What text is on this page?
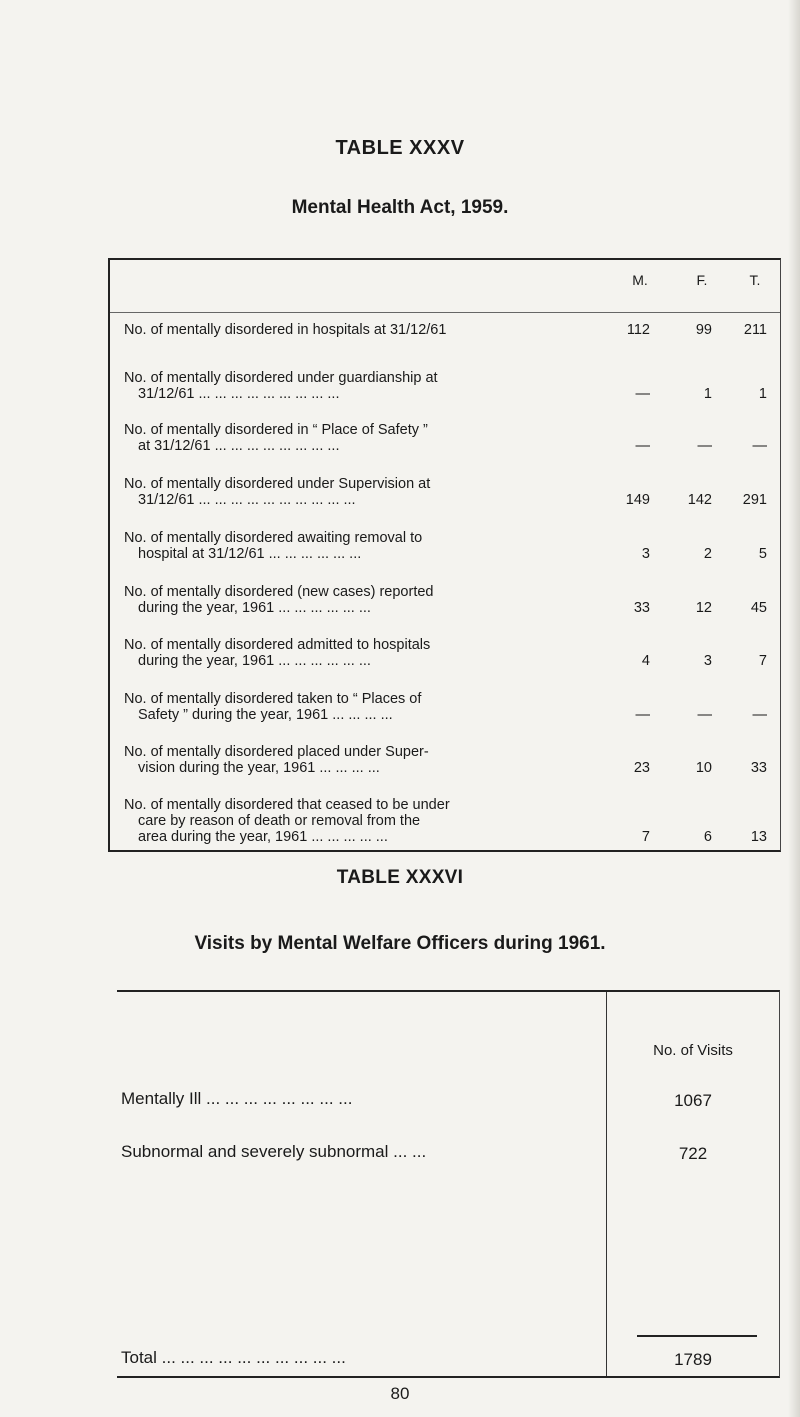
TABLE XXXV
Mental Health Act, 1959.
M.	F.	T.
No. of mentally disordered in hospitals at 31/12/61	112	99	211
No. of mentally disordered under guardianship at
31/12/61 ... ... ... ... ... ... ... ... ...	—	1	1
No. of mentally disordered in “ Place of Safety ”
at 31/12/61 ... ... ... ... ... ... ... ...	—	—	—
No. of mentally disordered under Supervision at
31/12/61 ... ... ... ... ... ... ... ... ... ...	149	142	291
No. of mentally disordered awaiting removal to
hospital at 31/12/61 ... ... ... ... ... ...	3	2	5
No. of mentally disordered (new cases) reported
during the year, 1961 ... ... ... ... ... ...	33	12	45
No. of mentally disordered admitted to hospitals
during the year, 1961 ... ... ... ... ... ...	4	3	7
No. of mentally disordered taken to “ Places of
Safety ” during the year, 1961 ... ... ... ...	—	—	—
No. of mentally disordered placed under Super-
vision during the year, 1961 ... ... ... ...	23	10	33
No. of mentally disordered that ceased to be under
care by reason of death or removal from the
area during the year, 1961 ... ... ... ... ...	7	6	13
TABLE XXXVI
Visits by Mental Welfare Officers during 1961.
No. of Visits
Mentally Ill ... ... ... ... ... ... ... ...	1067
Subnormal and severely subnormal ... ...	722
Total ... ... ... ... ... ... ... ... ... ...	1789
80
